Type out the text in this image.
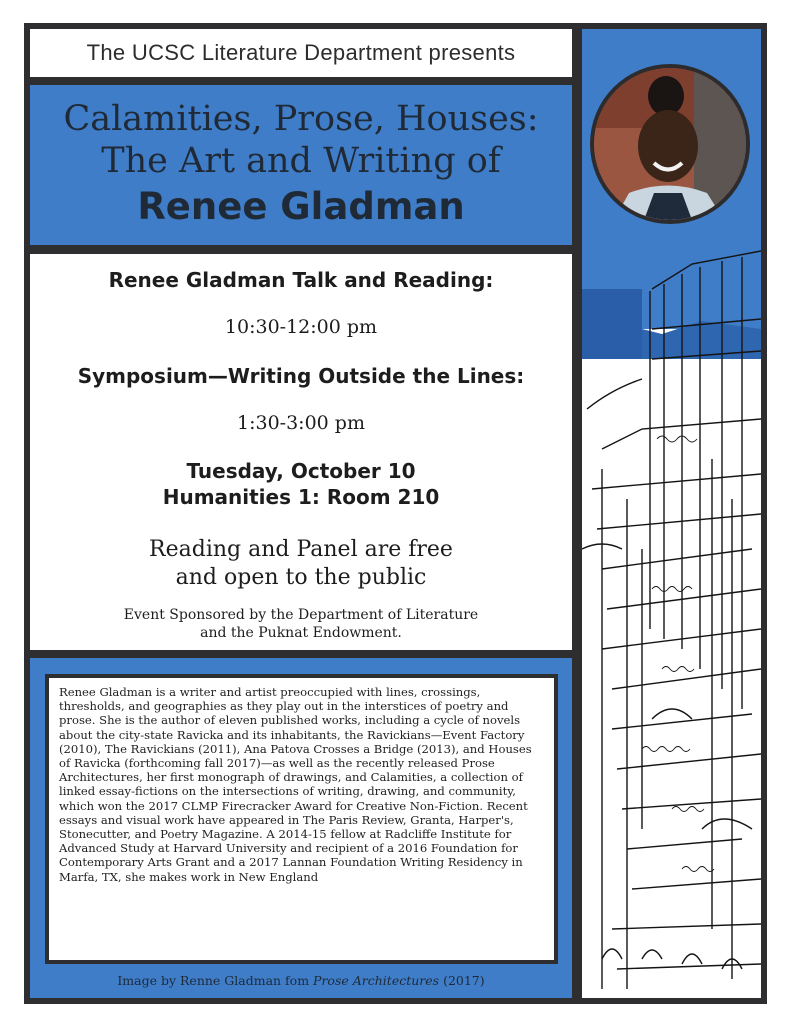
The UCSC Literature Department presents
Calamities, Prose, Houses:
The Art and Writing of
Renee Gladman
Renee Gladman Talk and Reading:
10:30-12:00 pm
Symposium—Writing Outside the Lines:
1:30-3:00 pm
Tuesday, October 10
Humanities 1: Room 210
Reading and Panel are free
and open to the public
Event Sponsored by the Department of Literature
and the Puknat Endowment.
Renee Gladman is a writer and artist preoccupied with lines, crossings, thresholds, and geographies as they play out in the interstices of poetry and prose. She is the author of eleven published works, including a cycle of novels about the city-state Ravicka and its inhabitants, the Ravickians—Event Factory (2010), The Ravickians (2011), Ana Patova Crosses a Bridge (2013), and Houses of Ravicka (forthcoming fall 2017)—as well as the recently released Prose Architectures, her first monograph of drawings, and Calamities, a collection of linked essay-fictions on the intersections of writing, drawing, and community, which won the 2017 CLMP Firecracker Award for Creative Non-Fiction. Recent essays and visual work have appeared in The Paris Review, Granta, Harper's, Stonecutter, and Poetry Magazine. A 2014-15 fellow at Radcliffe Institute for Advanced Study at Harvard University and recipient of a 2016 Foundation for Contemporary Arts Grant and a 2017 Lannan Foundation Writing Residency in Marfa, TX, she makes work in New England
Image by Renne Gladman fom Prose Architectures (2017)
